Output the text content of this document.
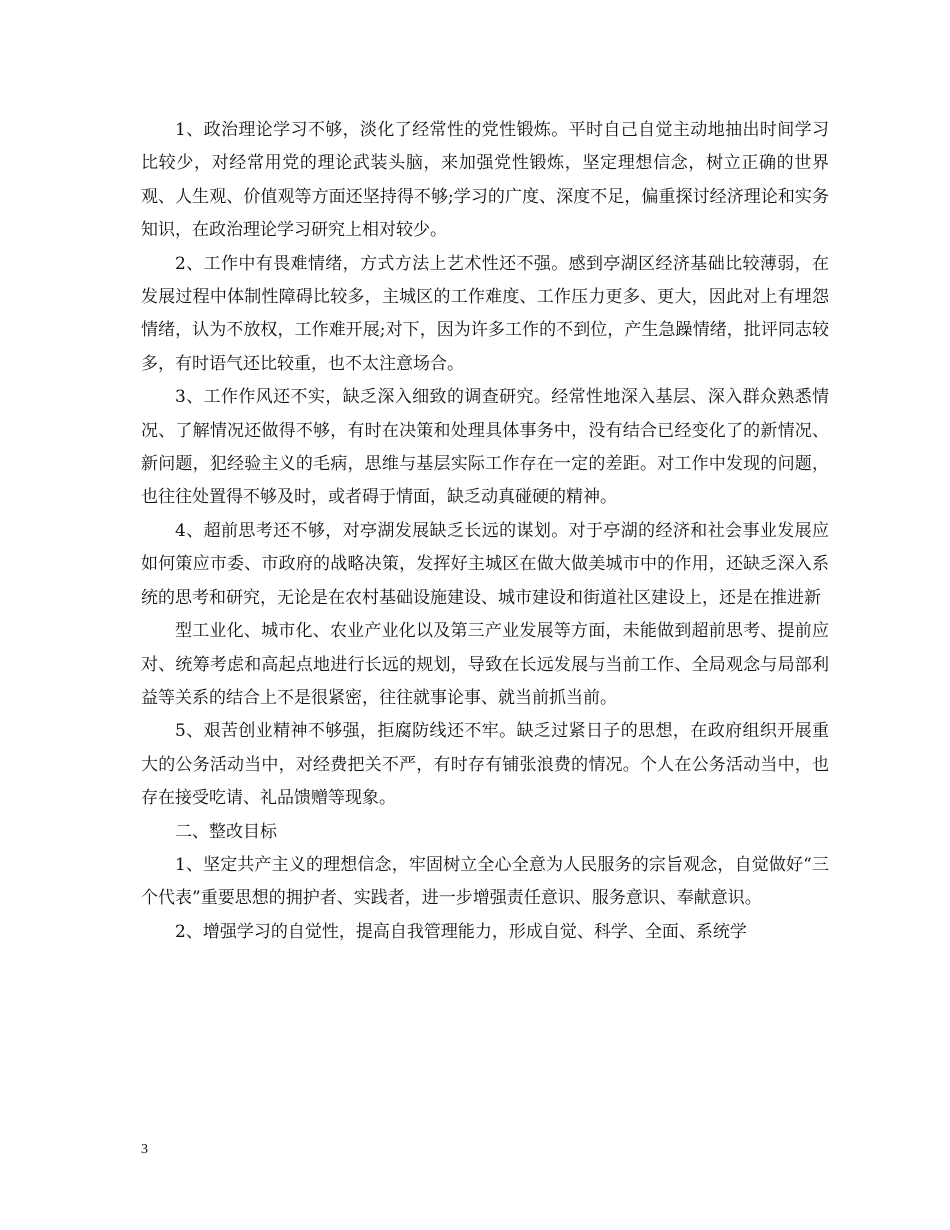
1、政治理论学习不够，淡化了经常性的党性锻炼。平时自己自觉主动地抽出时间学习比较少，对经常用党的理论武装头脑，来加强党性锻炼，坚定理想信念，树立正确的世界观、人生观、价值观等方面还坚持得不够;学习的广度、深度不足，偏重探讨经济理论和实务知识，在政治理论学习研究上相对较少。

2、工作中有畏难情绪，方式方法上艺术性还不强。感到亭湖区经济基础比较薄弱，在发展过程中体制性障碍比较多，主城区的工作难度、工作压力更多、更大，因此对上有埋怨情绪，认为不放权，工作难开展;对下，因为许多工作的不到位，产生急躁情绪，批评同志较多，有时语气还比较重，也不太注意场合。

3、工作作风还不实，缺乏深入细致的调查研究。经常性地深入基层、深入群众熟悉情况、了解情况还做得不够，有时在决策和处理具体事务中，没有结合已经变化了的新情况、新问题，犯经验主义的毛病，思维与基层实际工作存在一定的差距。对工作中发现的问题，也往往处置得不够及时，或者碍于情面，缺乏动真碰硬的精神。

4、超前思考还不够，对亭湖发展缺乏长远的谋划。对于亭湖的经济和社会事业发展应如何策应市委、市政府的战略决策，发挥好主城区在做大做美城市中的作用，还缺乏深入系统的思考和研究，无论是在农村基础设施建设、城市建设和街道社区建设上，还是在推进新

型工业化、城市化、农业产业化以及第三产业发展等方面，未能做到超前思考、提前应对、统筹考虑和高起点地进行长远的规划，导致在长远发展与当前工作、全局观念与局部利益等关系的结合上不是很紧密，往往就事论事、就当前抓当前。

5、艰苦创业精神不够强，拒腐防线还不牢。缺乏过紧日子的思想，在政府组织开展重大的公务活动当中，对经费把关不严，有时存有铺张浪费的情况。个人在公务活动当中，也存在接受吃请、礼品馈赠等现象。

二、整改目标

1、坚定共产主义的理想信念，牢固树立全心全意为人民服务的宗旨观念，自觉做好“三个代表”重要思想的拥护者、实践者，进一步增强责任意识、服务意识、奉献意识。

2、增强学习的自觉性，提高自我管理能力，形成自觉、科学、全面、系统学

3
